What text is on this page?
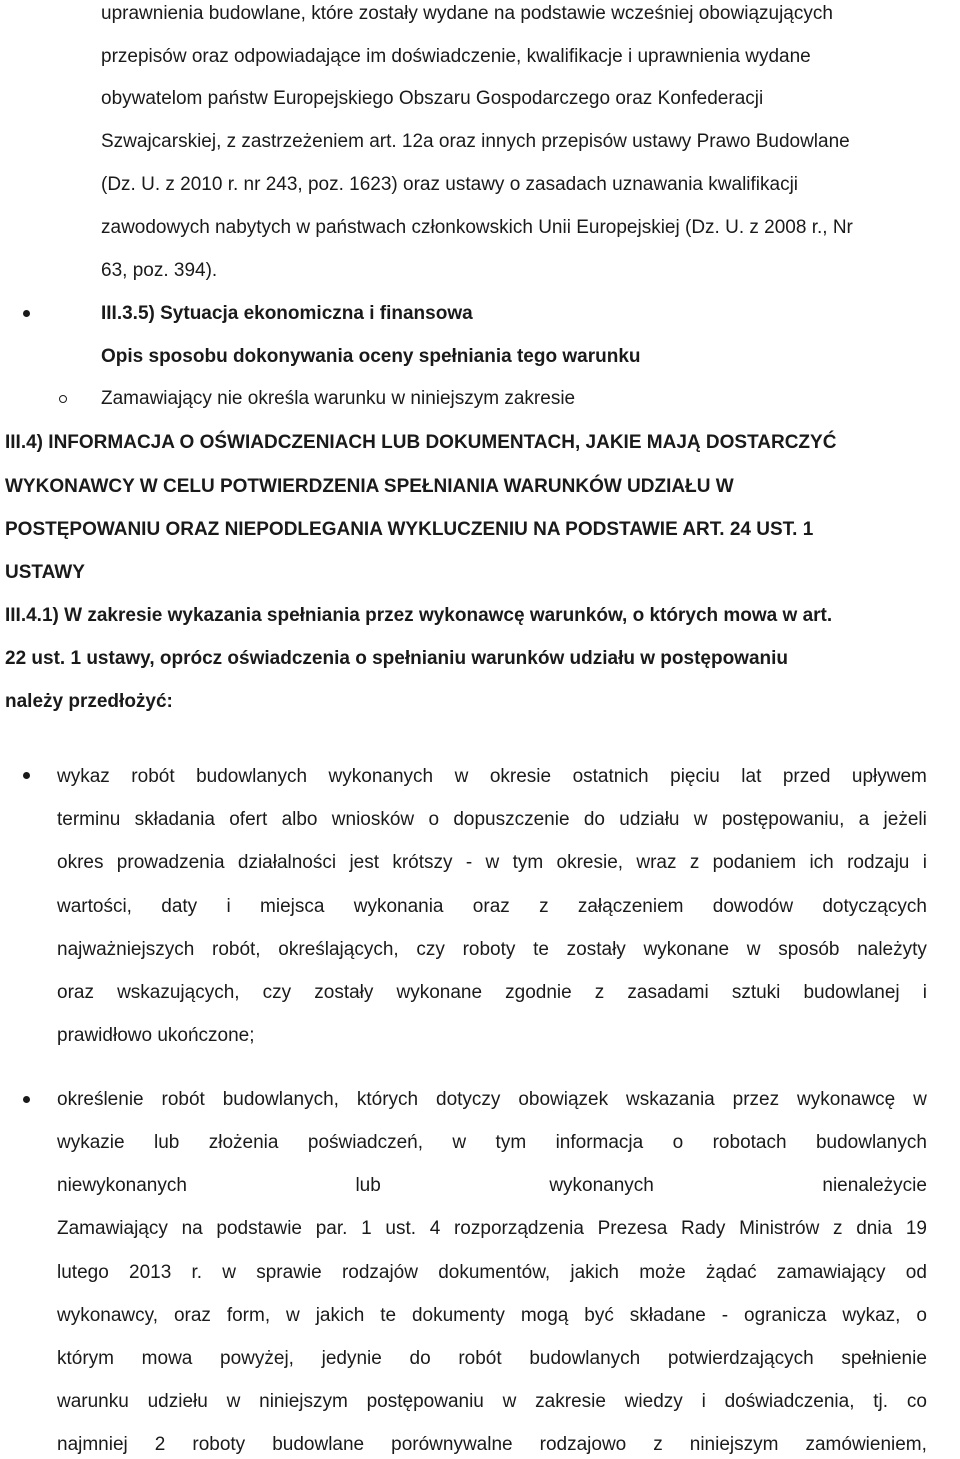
uprawnienia budowlane, które zostały wydane na podstawie wcześniej obowiązujących
przepisów oraz odpowiadające im doświadczenie, kwalifikacje i uprawnienia wydane
obywatelom państw Europejskiego Obszaru Gospodarczego oraz Konfederacji
Szwajcarskiej, z zastrzeżeniem art. 12a oraz innych przepisów ustawy Prawo Budowlane
(Dz. U. z 2010 r. nr 243, poz. 1623) oraz ustawy o zasadach uznawania kwalifikacji
zawodowych nabytych w państwach członkowskich Unii Europejskiej (Dz. U. z 2008 r., Nr
63, poz. 394).
III.3.5) Sytuacja ekonomiczna i finansowa
Opis sposobu dokonywania oceny spełniania tego warunku
Zamawiający nie określa warunku w niniejszym zakresie
III.4) INFORMACJA O OŚWIADCZENIACH LUB DOKUMENTACH, JAKIE MAJĄ DOSTARCZYĆ
WYKONAWCY W CELU POTWIERDZENIA SPEŁNIANIA WARUNKÓW UDZIAŁU W
POSTĘPOWANIU ORAZ NIEPODLEGANIA WYKLUCZENIU NA PODSTAWIE ART. 24 UST. 1
USTAWY
III.4.1) W zakresie wykazania spełniania przez wykonawcę warunków, o których mowa w art.
22 ust. 1 ustawy, oprócz oświadczenia o spełnianiu warunków udziału w postępowaniu
należy przedłożyć:
wykaz robót budowlanych wykonanych w okresie ostatnich pięciu lat przed upływem
terminu składania ofert albo wniosków o dopuszczenie do udziału w postępowaniu, a jeżeli
okres prowadzenia działalności jest krótszy - w tym okresie, wraz z podaniem ich rodzaju i
wartości, daty i miejsca wykonania oraz z załączeniem dowodów dotyczących
najważniejszych robót, określających, czy roboty te zostały wykonane w sposób należyty
oraz wskazujących, czy zostały wykonane zgodnie z zasadami sztuki budowlanej i
prawidłowo ukończone;
określenie robót budowlanych, których dotyczy obowiązek wskazania przez wykonawcę w
wykazie lub złożenia poświadczeń, w tym informacja o robotach budowlanych
niewykonanych	lub	wykonanych	nienależycie
Zamawiający na podstawie par. 1 ust. 4 rozporządzenia Prezesa Rady Ministrów z dnia 19
lutego 2013 r. w sprawie rodzajów dokumentów, jakich może żądać zamawiający od
wykonawcy, oraz form, w jakich te dokumenty mogą być składane - ogranicza wykaz, o
którym mowa powyżej, jedynie do robót budowlanych potwierdzających spełnienie
warunku udziełu w niniejszym postępowaniu w zakresie wiedzy i doświadczenia, tj. co
najmniej 2 roboty budowlane porównywalne rodzajowo z niniejszym zamówieniem,
